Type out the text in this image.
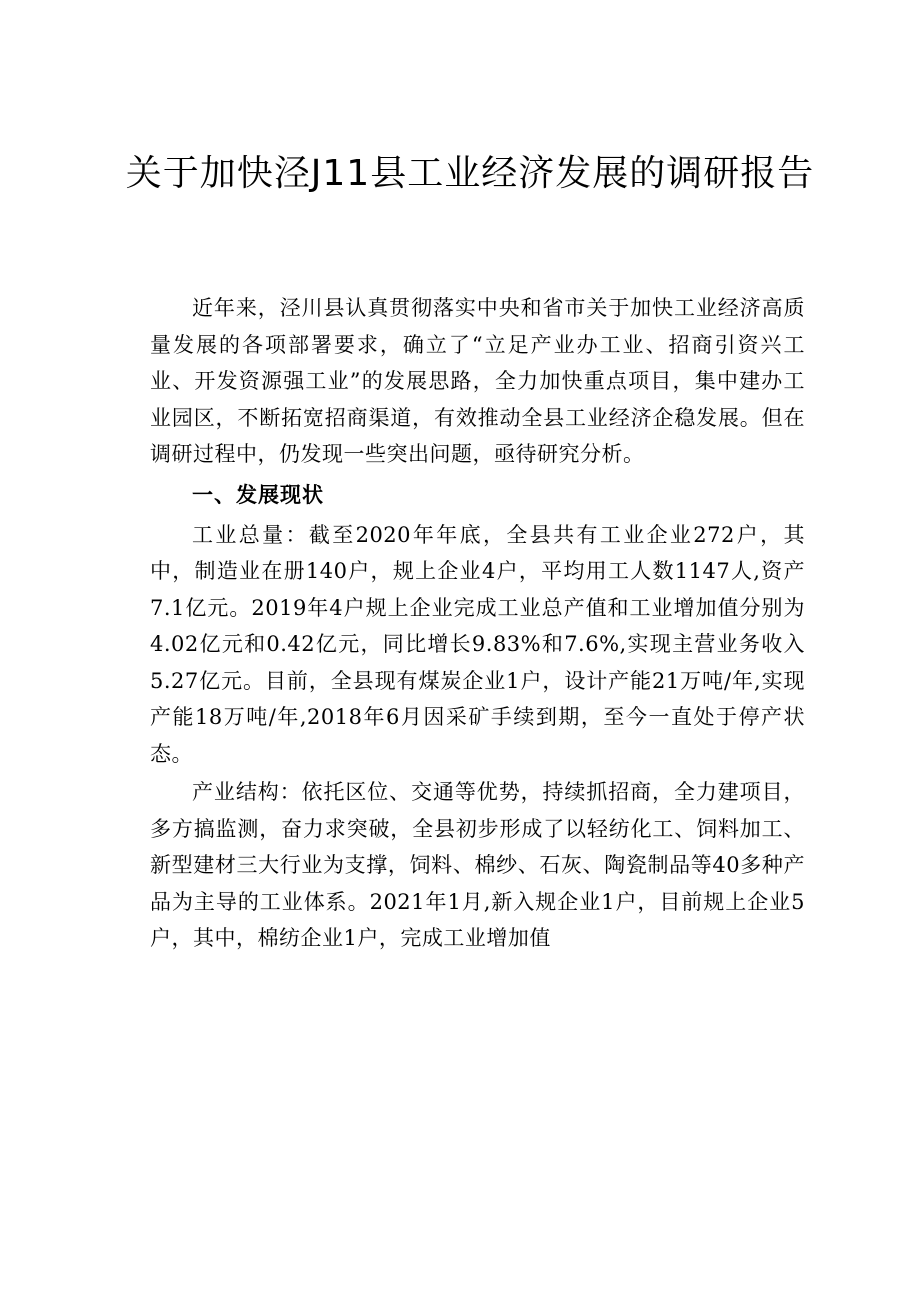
关于加快泾J11县工业经济发展的调研报告

近年来，泾川县认真贯彻落实中央和省市关于加快工业经济高质量发展的各项部署要求，确立了“立足产业办工业、招商引资兴工业、开发资源强工业”的发展思路，全力加快重点项目，集中建办工业园区，不断拓宽招商渠道，有效推动全县工业经济企稳发展。但在调研过程中，仍发现一些突出问题，亟待研究分析。

一、发展现状

工业总量：截至2020年年底，全县共有工业企业272户，其中，制造业在册140户，规上企业4户，平均用工人数1147人,资产7.1亿元。2019年4户规上企业完成工业总产值和工业增加值分别为4.02亿元和0.42亿元，同比增长9.83%和7.6%,实现主营业务收入5.27亿元。目前，全县现有煤炭企业1户，设计产能21万吨/年,实现产能18万吨/年,2018年6月因采矿手续到期，至今一直处于停产状态。

产业结构：依托区位、交通等优势，持续抓招商，全力建项目，多方搞监测，奋力求突破，全县初步形成了以轻纺化工、饲料加工、新型建材三大行业为支撑，饲料、棉纱、石灰、陶瓷制品等40多种产品为主导的工业体系。2021年1月,新入规企业1户，目前规上企业5户，其中，棉纺企业1户，完成工业增加值
